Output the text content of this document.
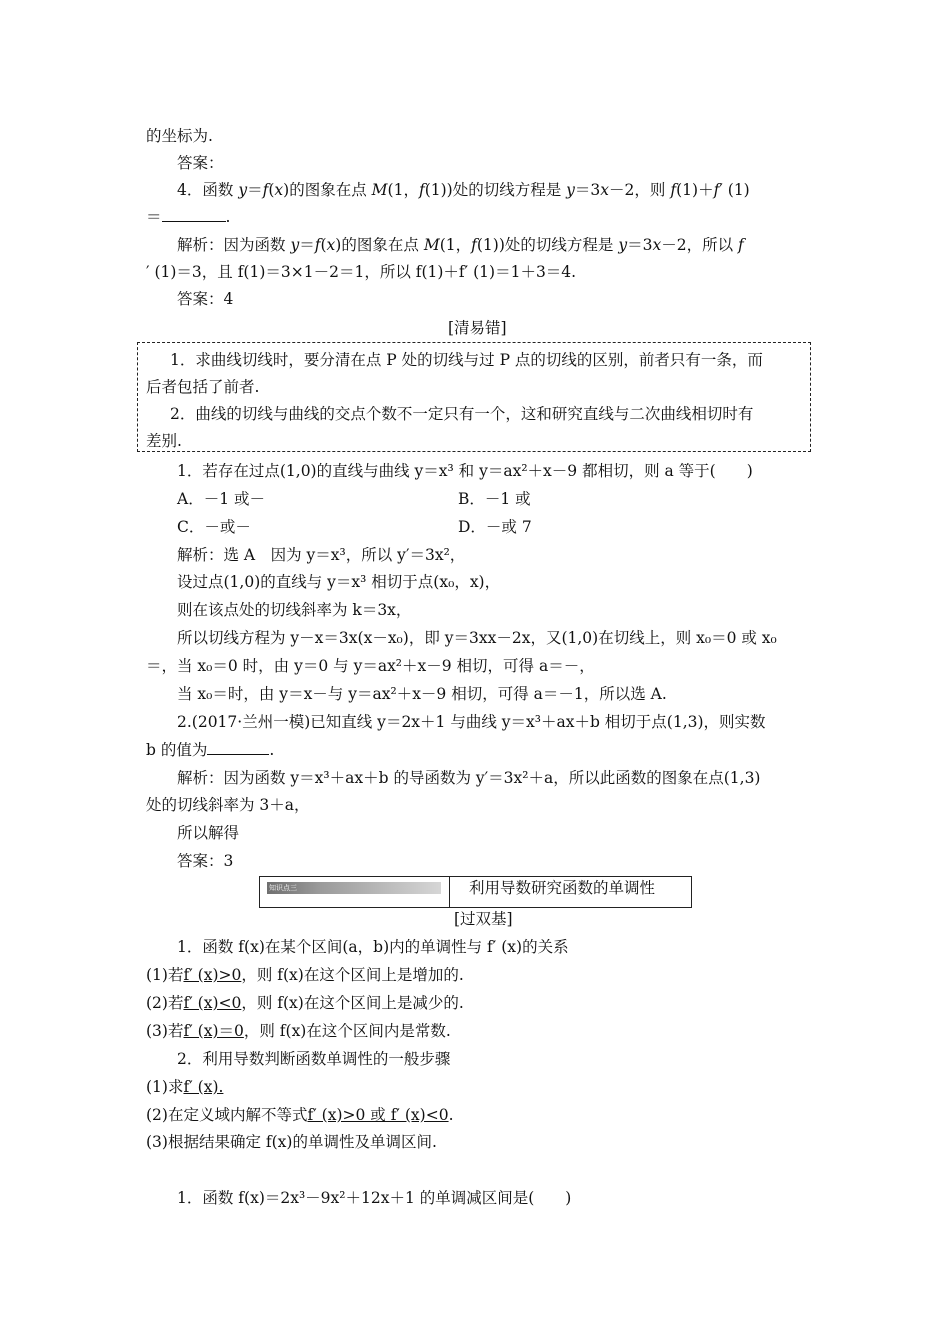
的坐标为.
答案：
4．函数 y＝f(x)的图象在点 M(1，f(1))处的切线方程是 y＝3x－2，则 f(1)＋f′ (1)
＝	.
解析：因为函数 y＝f(x)的图象在点 M(1，f(1))处的切线方程是 y＝3x－2，所以 f
′ (1)＝3，且 f(1)＝3×1－2＝1，所以 f(1)＋f′ (1)＝1＋3＝4.
答案：4
[清易错]
1．求曲线切线时，要分清在点 P 处的切线与过 P 点的切线的区别，前者只有一条，而
后者包括了前者.
2．曲线的切线与曲线的交点个数不一定只有一个，这和研究直线与二次曲线相切时有
差别.
1．若存在过点(1,0)的直线与曲线 y＝x³ 和 y＝ax²＋x－9 都相切，则 a 等于(　　)
A．－1 或－	B．－1 或
C．－或－	D．－或 7
解析：选 A　因为 y＝x³，所以 y′＝3x²，
设过点(1,0)的直线与 y＝x³ 相切于点(x₀，x)，
则在该点处的切线斜率为 k＝3x，
所以切线方程为 y－x＝3x(x－x₀)，即 y＝3xx－2x，又(1,0)在切线上，则 x₀＝0 或 x₀
＝，当 x₀＝0 时，由 y＝0 与 y＝ax²＋x－9 相切，可得 a＝－，
当 x₀＝时，由 y＝x－与 y＝ax²＋x－9 相切，可得 a＝－1，所以选 A.
2.(2017·兰州一模)已知直线 y＝2x＋1 与曲线 y＝x³＋ax＋b 相切于点(1,3)，则实数
b 的值为	.
解析：因为函数 y＝x³＋ax＋b 的导函数为 y′＝3x²＋a，所以此函数的图象在点(1,3)
处的切线斜率为 3＋a，
所以解得
答案：3
知识点三	利用导数研究函数的单调性
[过双基]
1．函数 f(x)在某个区间(a，b)内的单调性与 f′ (x)的关系
(1)若f′ (x)>0，则 f(x)在这个区间上是增加的.
(2)若f′ (x)<0，则 f(x)在这个区间上是减少的.
(3)若f′ (x)＝0，则 f(x)在这个区间内是常数.
2．利用导数判断函数单调性的一般步骤
(1)求f′ (x).
(2)在定义域内解不等式f′ (x)>0 或 f′ (x)<0.
(3)根据结果确定 f(x)的单调性及单调区间.
1．函数 f(x)＝2x³－9x²＋12x＋1 的单调减区间是(　　)
